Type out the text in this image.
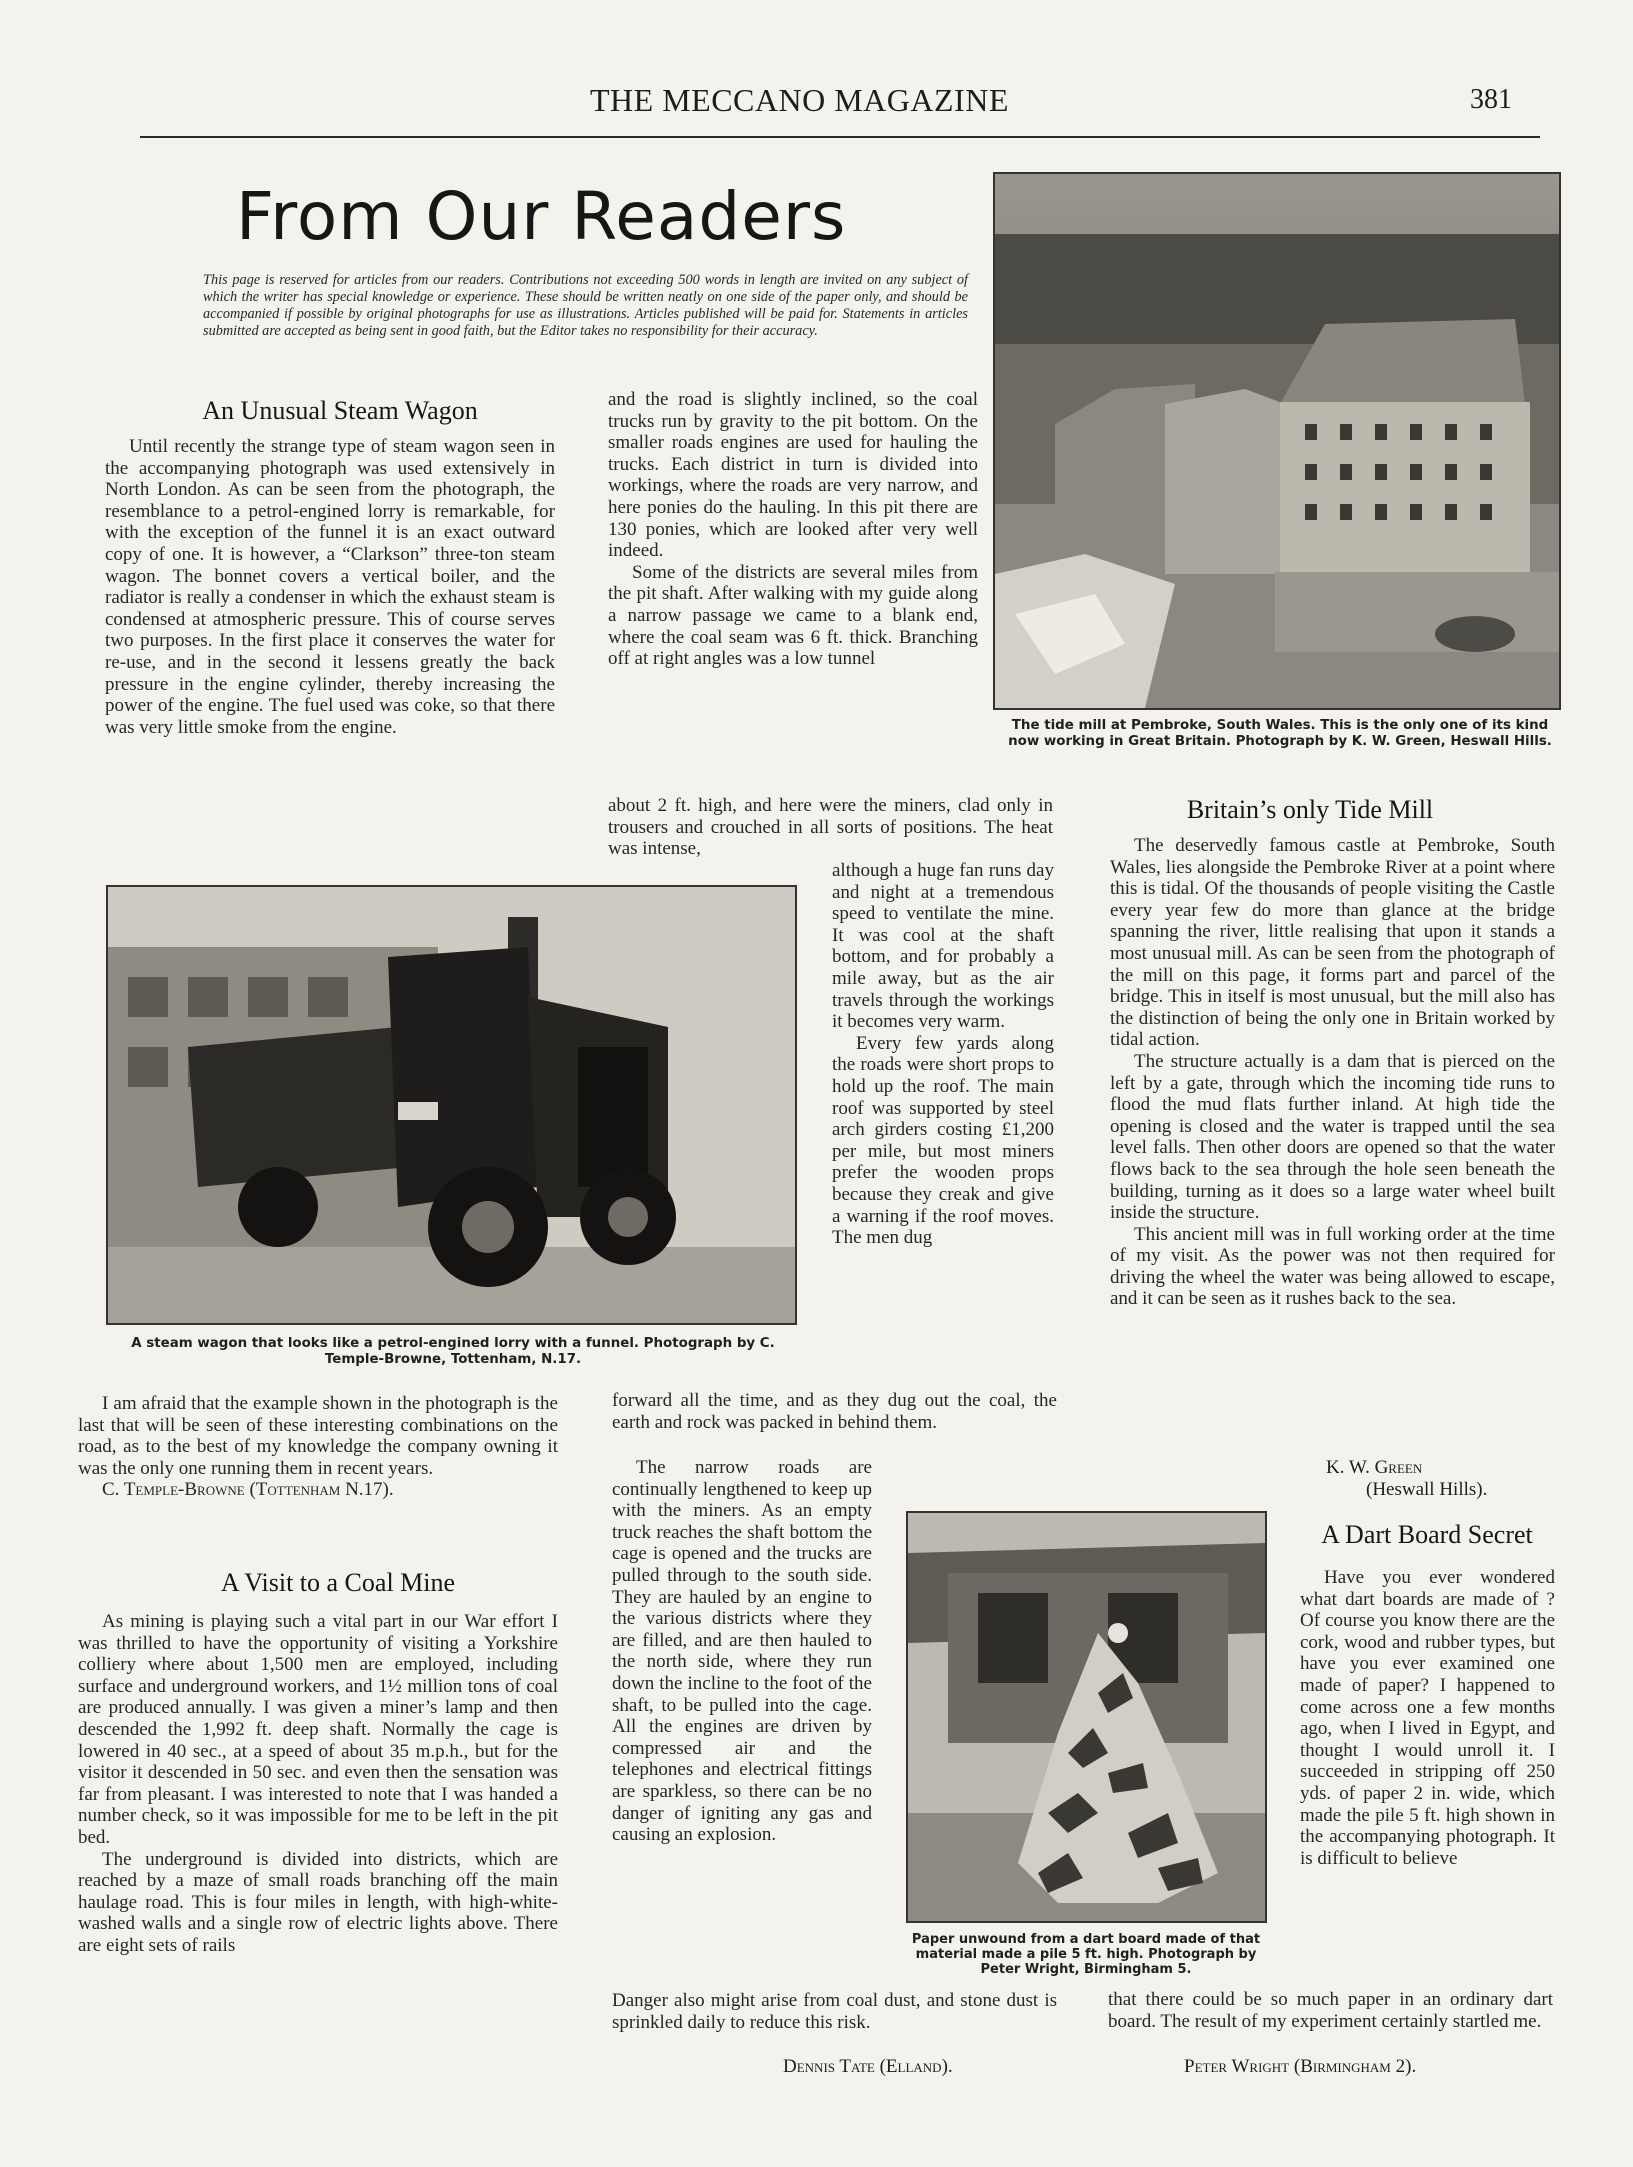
THE MECCANO MAGAZINE	381
From Our Readers
This page is reserved for articles from our readers. Contributions not exceeding 500 words in length are invited on any subject of which the writer has special knowledge or experience. These should be written neatly on one side of the paper only, and should be accompanied if possible by original photographs for use as illustrations. Articles published will be paid for. Statements in articles submitted are accepted as being sent in good faith, but the Editor takes no responsibility for their accuracy.
The tide mill at Pembroke, South Wales. This is the only one of its kind now working in Great Britain. Photograph by K. W. Green, Heswall Hills.
An Unusual Steam Wagon

Until recently the strange type of steam wagon seen in the accompanying photograph was used extensively in North London. As can be seen from the photograph, the resemblance to a petrol-engined lorry is remarkable, for with the exception of the funnel it is an exact outward copy of one. It is however, a “Clarkson” three-ton steam wagon. The bonnet covers a vertical boiler, and the radiator is really a condenser in which the exhaust steam is condensed at atmospheric pressure. This of course serves two purposes. In the first place it conserves the water for re-use, and in the second it lessens greatly the back pressure in the engine cylinder, thereby increasing the power of the engine. The fuel used was coke, so that there was very little smoke from the engine.

A steam wagon that looks like a petrol-engined lorry with a funnel. Photograph by C. Temple-Browne, Tottenham, N.17.

I am afraid that the example shown in the photograph is the last that will be seen of these interesting combinations on the road, as to the best of my knowledge the company owning it was the only one running them in recent years.

C. Temple-Browne (Tottenham N.17).

A Visit to a Coal Mine

As mining is playing such a vital part in our War effort I was thrilled to have the opportunity of visiting a Yorkshire colliery where about 1,500 men are employed, including surface and underground workers, and 1½ million tons of coal are produced annually. I was given a miner’s lamp and then descended the 1,992 ft. deep shaft. Normally the cage is lowered in 40 sec., at a speed of about 35 m.p.h., but for the visitor it descended in 50 sec. and even then the sensation was far from pleasant. I was interested to note that I was handed a number check, so it was impossible for me to be left in the pit bed.

The underground is divided into districts, which are reached by a maze of small roads branching off the main haulage road. This is four miles in length, with high-white-washed walls and a single row of electric lights above. There are eight sets of rails

and the road is slightly inclined, so the coal trucks run by gravity to the pit bottom. On the smaller roads engines are used for hauling the trucks. Each district in turn is divided into workings, where the roads are very narrow, and here ponies do the hauling. In this pit there are 130 ponies, which are looked after very well indeed.

Some of the districts are several miles from the pit shaft. After walking with my guide along a narrow passage we came to a blank end, where the coal seam was 6 ft. thick. Branching off at right angles was a low tunnel

about 2 ft. high, and here were the miners, clad only in trousers and crouched in all sorts of positions. The heat was intense,

although a huge fan runs day and night at a tremendous speed to ventilate the mine. It was cool at the shaft bottom, and for probably a mile away, but as the air travels through the workings it becomes very warm.

Every few yards along the roads were short props to hold up the roof. The main roof was supported by steel arch girders costing £1,200 per mile, but most miners prefer the wooden props because they creak and give a warning if the roof moves. The men dug

forward all the time, and as they dug out the coal, the earth and rock was packed in behind them.

The narrow roads are continually lengthened to keep up with the miners. As an empty truck reaches the shaft bottom the cage is opened and the trucks are pulled through to the south side. They are hauled by an engine to the various districts where they are filled, and are then hauled to the north side, where they run down the incline to the foot of the shaft, to be pulled into the cage. All the engines are driven by compressed air and the telephones and electrical fittings are sparkless, so there can be no danger of igniting any gas and causing an explosion.

Danger also might arise from coal dust, and stone dust is sprinkled daily to reduce this risk.

Dennis Tate (Elland).
Paper unwound from a dart board made of that material made a pile 5 ft. high. Photograph by Peter Wright, Birmingham 5.
Britain’s only Tide Mill

The deservedly famous castle at Pembroke, South Wales, lies alongside the Pembroke River at a point where this is tidal. Of the thousands of people visiting the Castle every year few do more than glance at the bridge spanning the river, little realising that upon it stands a most unusual mill. As can be seen from the photograph of the mill on this page, it forms part and parcel of the bridge. This in itself is most unusual, but the mill also has the distinction of being the only one in Britain worked by tidal action.

The structure actually is a dam that is pierced on the left by a gate, through which the incoming tide runs to flood the mud flats further inland. At high tide the opening is closed and the water is trapped until the sea level falls. Then other doors are opened so that the water flows back to the sea through the hole seen beneath the building, turning as it does so a large water wheel built inside the structure.

This ancient mill was in full working order at the time of my visit. As the power was not then required for driving the wheel the water was being allowed to escape, and it can be seen as it rushes back to the sea.

K. W. Green
(Heswall Hills).
A Dart Board Secret

Have you ever wondered what dart boards are made of ? Of course you know there are the cork, wood and rubber types, but have you ever examined one made of paper? I happened to come across one a few months ago, when I lived in Egypt, and thought I would unroll it. I succeeded in stripping off 250 yds. of paper 2 in. wide, which made the pile 5 ft. high shown in the accompanying photograph. It is difficult to believe

that there could be so much paper in an ordinary dart board. The result of my experiment certainly startled me.

Peter Wright (Birmingham 2).
